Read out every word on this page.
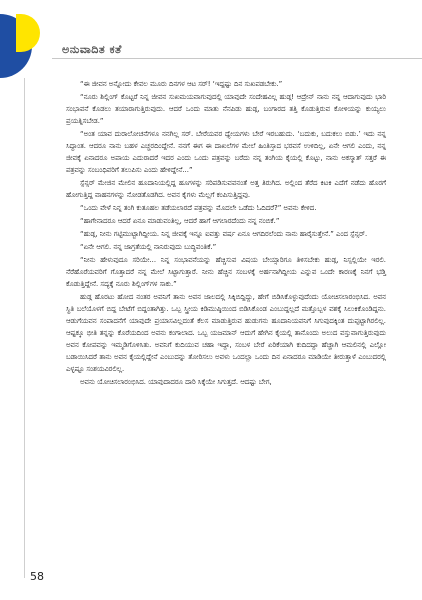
ಅನುವಾದಿತ ಕತೆ

“ಈ ಜೀವನ ಅನ್ನೋದು ಕೇವಲ ಮೂರು ದಿನಗಳ ಆಟ ಸರ್! ‘ಇದ್ದಷ್ಟು ದಿನ ಸುಖಪಡಬೇಕು.”

“ನೂರು ಶಿಲ್ಲಿಂಗ್ ಕೊಟ್ಟರೆ ನಿನ್ನ ಜೀವನ ಸುಖಮಯವಾಗುವುದಲ್ಲಿ ಯಾವುದೇ ಸಂದೇಹವಿಲ್ಲ ಹುಡ್ಗ! ಆದ್ರೇನ್ ನಾನು ನನ್ನ ಆದಾಗುವುದು ಭಾರಿ ಸಂಭಾವನೆ ಕೊಡಲು ತಯಾರಾಗುತ್ತಿರುವುದು. ಆದರೆ ಒಂದು ಮಾತು ನೆನಪಿಡು ಹುಡ್ಗ, ಬಂಗಾರದ ತತ್ತಿ ಕೊಡುತ್ತಿರುವ ಕೋಳಿಯನ್ನು ಕುಯ್ಯಲು ಪ್ರಯತ್ನಿಸಬೇಡ.”

“ಅಂತ ಯಾವ ದುರಾಲೋಚನೆಗಳೂ ನನಗಿಲ್ಲ ಸರ್. ಬೇರೆಯವರ ಧ್ಯೇಯಗಳು ಬೇರೆ ಇರಬಹುದು. ‘ಬದುಕು, ಬದುಕಲು ಬಿಡು.’ ಇದು ನನ್ನ ಸಿದ್ಧಾಂತ. ಆದರೂ ನಾನು ಬಹಳ ಎಚ್ಚರದಿಂದ್ದೇನೆ. ನನಗೆ ಈಗ ಈ ದಾಖಲೆಗಳ ಮೇಲೆ ಹಿಂತಿಸ್ತಾದ ಭರವಸೆ ಉಳಿದಿಲ್ಲ, ಏನೇ ಆಗಲಿ ಎಂದು, ನನ್ನ ಜೀವಕ್ಕೆ ಏನಾದರೂ ಅಪಾಯ ಎದುರಾದರೆ ಇದರ ಎಂದು ಒಂದು ಪತ್ರವನ್ನು ಬರೆದು ನನ್ನ ತಂಗಿಯ ಕೈಯಲ್ಲಿ ಕೊಟ್ಟು, ನಾನು ಅಕಸ್ಮಾತ್ ಸತ್ತರೆ ಈ ಪತ್ರವನ್ನು ಸಂಬಂಧಿವರಿಗೆ ತಲುಪಿಸು ಎಂದು ಹೇಳಿದ್ದೇನೆ...”

ಸ್ಪೆನ್ಸರ್ ಮೇಜಿನ ಮೇಲಿನ ಹೂದಾನಿಯಲ್ಲಿದ್ದ ಹೂಗಳನ್ನು ಸರಿಪಡಿಸುವವನಂತೆ ಅತ್ತ ತಿರುಗಿದ. ಅಲ್ಲಿಂದ ತೆರೆದ ಕಿಟಕಿ ಎದೆಗೆ ನಡೆದು ಹೊರಗೆ ಹೋಗುತ್ತಿದ್ದ ವಾಹನಗಳನ್ನು ನೋಡತೊಡಗಿದ. ಅವನ ಕೈಗಳು ಮೆಲ್ಲಗೆ ಕಂಪಿಸುತ್ತಿದ್ದವು.

“ಒಂದು ವೇಳೆ ನಿನ್ನ ತಂಗಿ ಕುತೂಹಲ ತಡೆಯಲಾರದೆ ಪತ್ರವನ್ನು ಮೊದಲೇ ಒಡೆದು ಓದಿದರೆ?” ಅವನು ಕೇಳಿದ.

“ಹಾಗೇನಾದರೂ ಆದರೆ ಏನೂ ಮಾಡುವಂತಿಲ್ಲ, ಆದರೆ ಹಾಗೆ ಆಗಲಾರದೆಂದು ನನ್ನ ನಂಬಿಕೆ.”

“ಹುಡ್ಗ, ನೀನು ಗಟ್ಟಿಮುಟ್ಟಾಗಿದ್ದೀಯ. ನಿನ್ನ ಜೀವಕ್ಕೆ ಇನ್ನೂ ಐವತ್ತು ವರ್ಷ ಏನೂ ಆಗದಿರಲೆಂದು ನಾನು ಹಾರೈಸುತ್ತೇನೆ.” ಎಂದ ಸ್ಪೆನ್ಸರ್.

“ಏನೇ ಆಗಲಿ. ನನ್ನ ಜಾಗ್ರತೆಯಲ್ಲಿ ನಾನಿರುವುದು ಬುದ್ಧಿವಂತಿಕೆ.”

“ನೀನು ಹೇಳುವುದೂ ಸರಿಯೇ... ನಿನ್ನ ಸಂಭಾವನೆಯನ್ನು ಹೆಚ್ಚಿಸುವ ವಿಷಯ ಬೇಯ್ಸಾರಿಗೂ ತಿಳಿಸಬೇಕು ಹುಡ್ಗ, ನಿಸ್ಸಲ್ಲಿಯೇ ಇರಲಿ. ನೆರೆಹೊರೆಯವರಿಗೆ ಗೊತ್ತಾದರೆ ನನ್ನ ಮೇಲೆ ಸಿಟ್ಟಾಗುತ್ತಾರೆ. ನೀನು ಹೆಚ್ಚಿನ ಸಂಬಳಕ್ಕೆ ಅರ್ಹನಾಗಿದ್ದೀಯ ಎನ್ನುವ ಒಂದೇ ಕಾರಣಕ್ಕೆ ನಿನಗೆ ಭಡ್ತಿ ಕೊಡುತ್ತಿದ್ದೇನೆ. ಸದ್ಯಕ್ಕೆ ನೂರು ಶಿಲ್ಲಿಂಗ್‌ಗಳ ಸಾಕು.”

ಹುಡ್ಗ ಹೊರಟು ಹೋದ ನಂತರ ಅವನಿಗೆ ತಾನು ಅವನ ಜಾಲದಲ್ಲಿ ಸಿಕ್ಕಿಬಿದ್ದಿದ್ದು, ಹೇಗೆ ಬಿಡಿಸಿಕೊಳ್ಳುವುದೆಂದು ಯೋಚಿಸಲಾರಂಭಿಸಿದ. ಅವನ ಸ್ಥಿತಿ ಬಲೆಯೊಳಗೆ ಬಿದ್ದ ಬೇಟೆಗೆ ಬಿದ್ದಂತಾಗಿತ್ತು. ಒಬ್ಬ ಸ್ತ್ರೀಯ ಕಿಡಿಮುಷ್ಠಿಯಿಂದ ಬಿಡಿಸಿಕೊಂಡ ಎಂಬುದ್ದಲ್ಲದೆ ಮತ್ತೊಬ್ಬಳ ವಶಕ್ಕೆ ಸಿಲುಕಿಕೊಂಡಿದ್ದನು. ಆಡುಗೆಯವನ ಸಂಪಾದನೆಗೆ ಯಾವುದೇ ಪ್ರಯಾಸವಿಲ್ಲದಂತೆ ಕೆಲಸ ಮಾಡುತ್ತಿರುವ ಹುಡುಗನು ಹೂದಾನಿಯವನಿಗೆ ಸಿಗುವುದಕ್ಕಿಂತ ದುಪ್ಪಟ್ಟಾಗಿರಲಿಲ್ಲ. ಆಷ್ಟಕ್ಕೂ ಭೀತಿ ತನ್ನನ್ನು ಕೊರೆಯದಿಂದ ಅವನು ಕಂಗಾಲಾದ. ಒಬ್ಬ ಯಜಮಾನ್ ಆದುಗೆ ಹೇಗಿನ ಕೈಯಲ್ಲಿ ತಾನೊಂದು ಅಲುದ ವಸ್ತುವಾಗುತ್ತಿರುವುದು ಅವನ ಕೋಪವನ್ನು ಇಮ್ಮಡಿಗೊಳಿಸಿತು. ಅವನಿಗೆ ಕುದಿಯುವ ಚಹಾ ಇದ್ದಾ, ಸಂಬಳ ಬೇರೆ ಏರಿಕೆಯಾಗಿ ಕುದಿದದ್ದಾ ಹೆಚ್ಚಾಗಿ ಆಮಲಿನಲ್ಲಿ ಎಲ್ಲೋ ಬಡಾಯಿಸಿದರೆ ತಾನು ಅವನ ಕೈಯಲ್ಲಿದ್ದೇನೆ ಎಂಬುದನ್ನು ತೋರಿಸಲು ಅವಳು ಒಂದಲ್ಲಾ ಒಂದು ದಿನ ಏನಾದರೂ ಮಾಡಿಯೇ ತೀರುತ್ತಾಳೆ ಎಂಬುದರಲ್ಲಿ ಎಳ್ಳಷ್ಟೂ ಸಂಶಯವಿರಲಿಲ್ಲ.

ಅವನು ಯೋಚಿಸಲಾರಂಭಿಸಿದ. ಯಾವುದಾದರೂ ದಾರಿ ಸಿಕ್ಕೆಯೇ ಸಿಗುತ್ತದೆ. ಆದಷ್ಟು ಬೇಗ,

58
